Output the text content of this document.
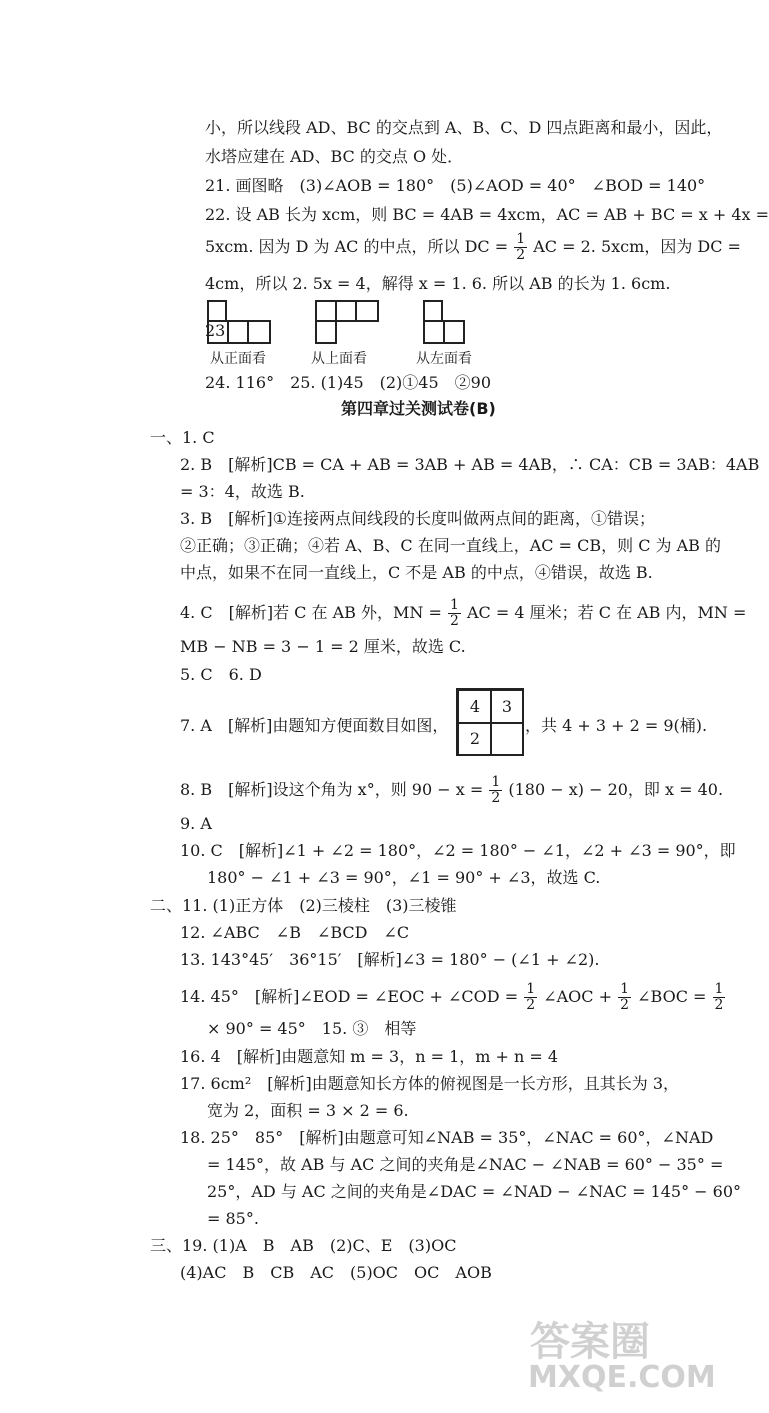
小，所以线段 AD、BC 的交点到 A、B、C、D 四点距离和最小，因此，
水塔应建在 AD、BC 的交点 O 处．
21. 画图略　(3)∠AOB = 180°　(5)∠AOD = 40°　∠BOD = 140°
22. 设 AB 长为 xcm，则 BC = 4AB = 4xcm，AC = AB + BC = x + 4x =
5xcm. 因为 D 为 AC 的中点，所以 DC = $\frac{1}{2}$ AC = 2. 5xcm，因为 DC =
4cm，所以 2. 5x = 4，解得 x = 1. 6. 所以 AB 的长为 1. 6cm.
23.
从正面看	从上面看	从左面看
24. 116°　25. (1)45　(2)①45　②90
第四章过关测试卷(B)
一、1. C
2. B　[解析]CB = CA + AB = 3AB + AB = 4AB，∴ CA：CB = 3AB：4AB
= 3：4，故选 B.
3. B　[解析]①连接两点间线段的长度叫做两点间的距离，①错误；
②正确；③正确；④若 A、B、C 在同一直线上，AC = CB，则 C 为 AB 的
中点，如果不在同一直线上，C 不是 AB 的中点，④错误，故选 B.
4. C　[解析]若 C 在 AB 外，MN = $\frac{1}{2}$ AC = 4 厘米；若 C 在 AB 内，MN =
MB − NB = 3 − 1 = 2 厘米，故选 C.
5. C　6. D
7. A　[解析]由题知方便面数目如图，
4	3
2
，共 4 + 3 + 2 = 9(桶).
8. B　[解析]设这个角为 x°，则 $90 - x = \frac{1}{2} (180 - x) - 20$，即 x = 40.
9. A
10. C　[解析]∠1 + ∠2 = 180°，∠2 = 180° − ∠1，∠2 + ∠3 = 90°，即
180° − ∠1 + ∠3 = 90°，∠1 = 90° + ∠3，故选 C.
二、11. (1)正方体　(2)三棱柱　(3)三棱锥
12. ∠ABC　∠B　∠BCD　∠C
13. 143°45′　36°15′　[解析]∠3 = 180° − (∠1 + ∠2).
14. 45°　[解析]∠EOD = ∠EOC + ∠COD = $\frac{1}{2}$ ∠AOC + $\frac{1}{2}$ ∠BOC = $\frac{1}{2}$
× 90° = 45°　15. ③　相等
16. 4　[解析]由题意知 m = 3，n = 1，m + n = 4
17. 6cm²　[解析]由题意知长方体的俯视图是一长方形，且其长为 3，
宽为 2，面积 = 3 × 2 = 6.
18. 25°　85°　[解析]由题意可知∠NAB = 35°，∠NAC = 60°，∠NAD
= 145°，故 AB 与 AC 之间的夹角是∠NAC − ∠NAB = 60° − 35° =
25°，AD 与 AC 之间的夹角是∠DAC = ∠NAD − ∠NAC = 145° − 60°
= 85°.
三、19. (1)A　B　AB　(2)C、E　(3)OC
(4)AC　B　CB　AC　(5)OC　OC　AOB
答案圈
MXQE.COM
